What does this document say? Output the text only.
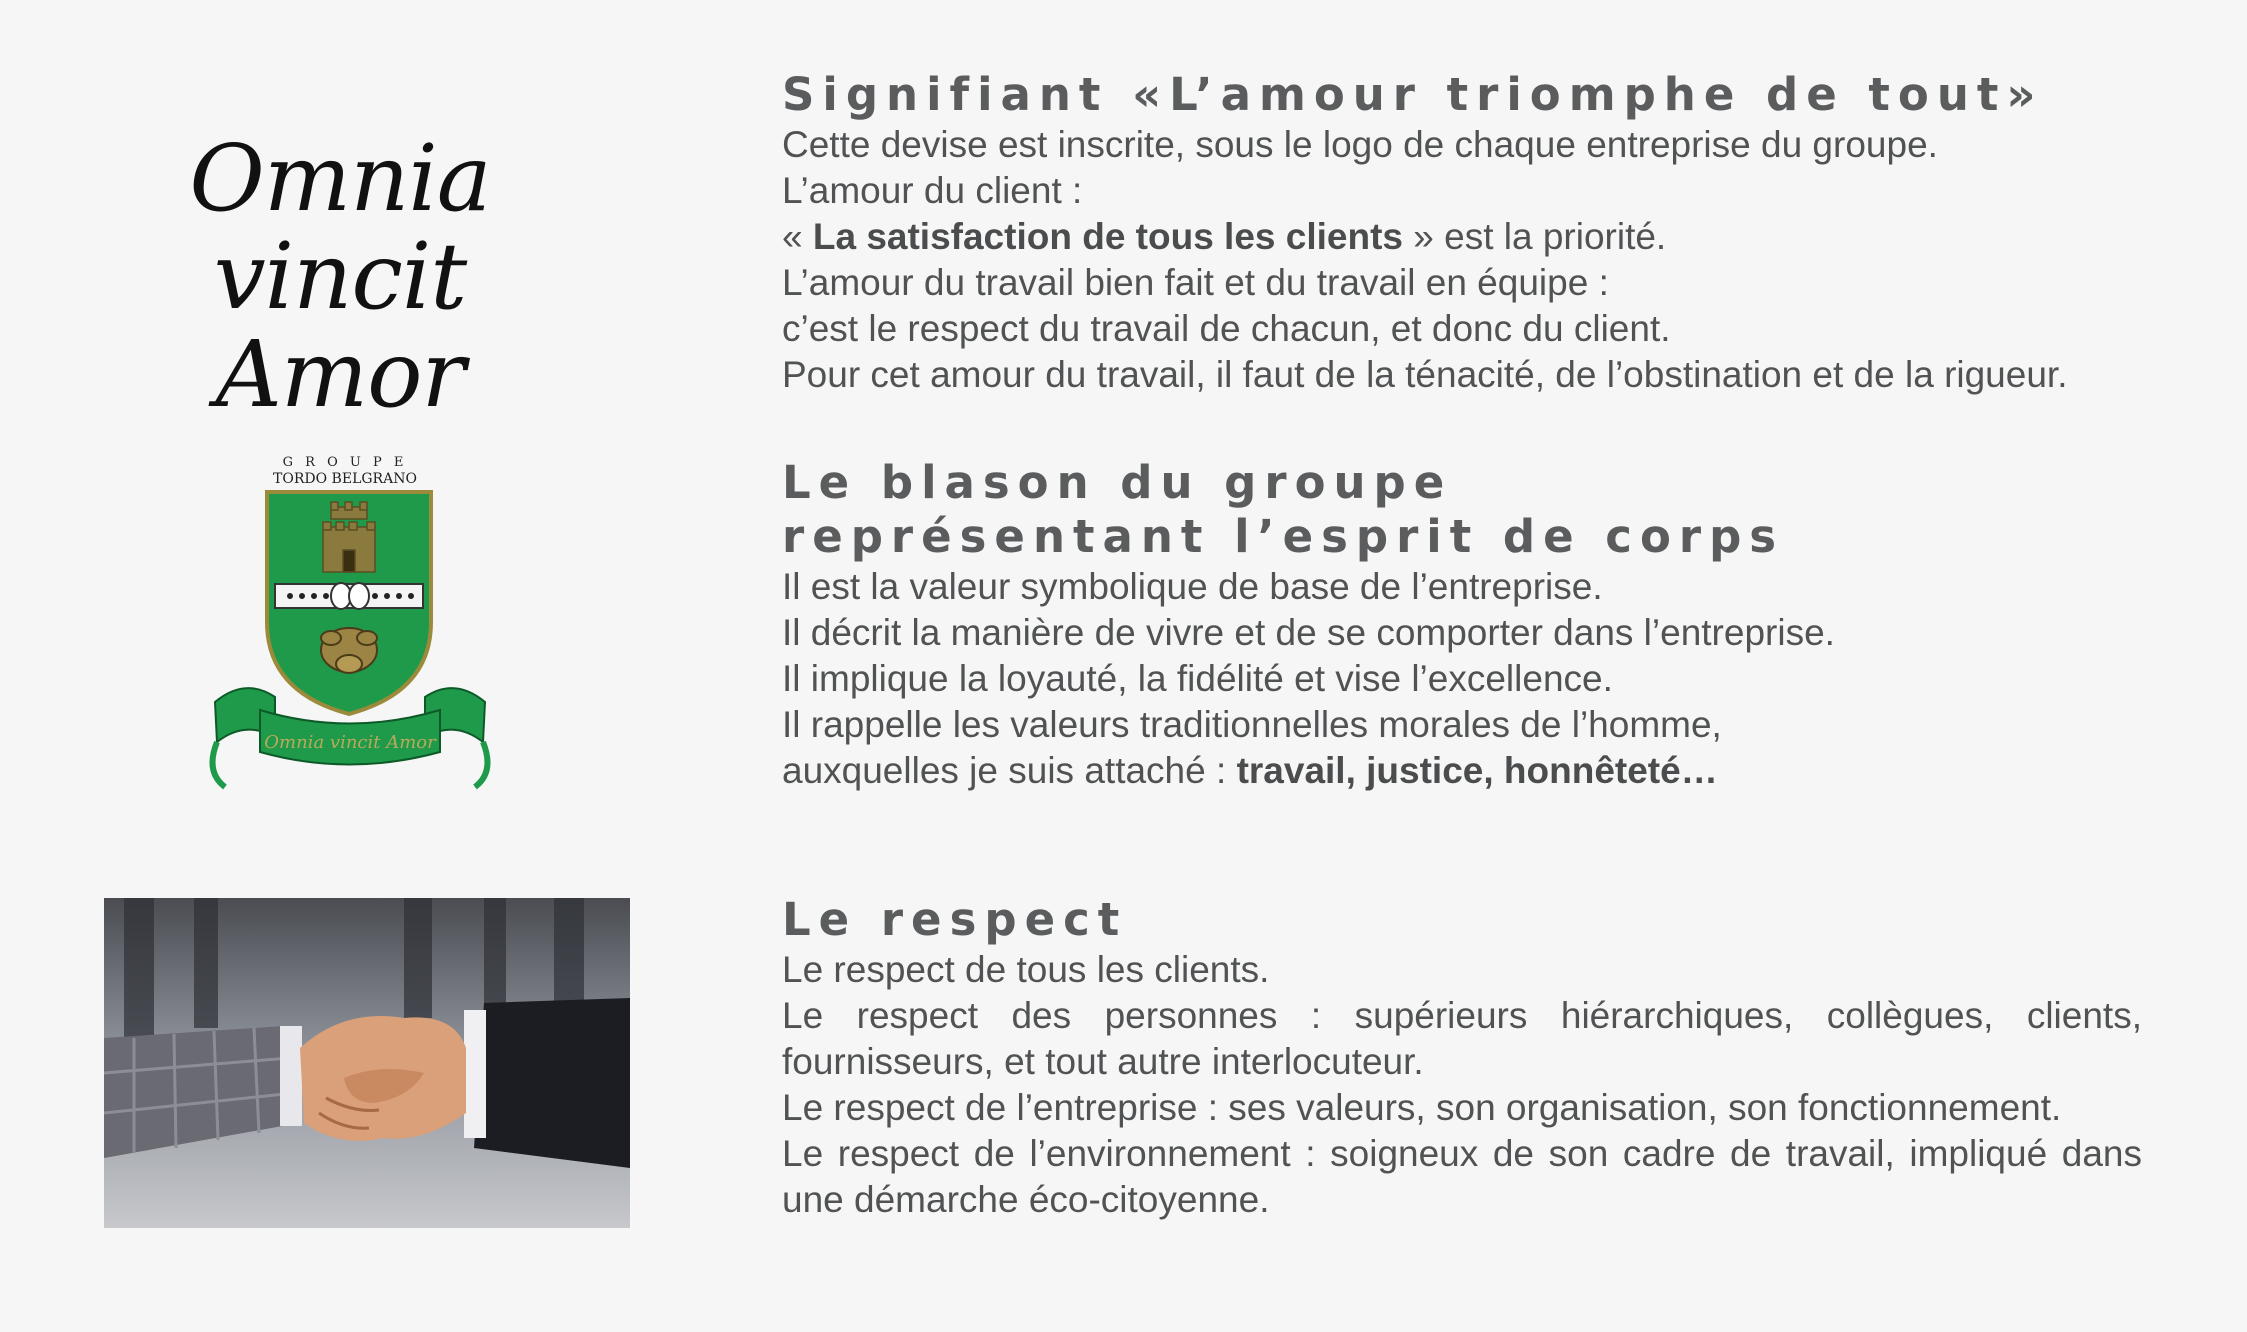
Omnia vincit
Amor
G R O U P E
TORDO BELGRANO
Omnia vincit Amor
Signifiant «L’amour triomphe de tout»

Cette devise est inscrite, sous le logo de chaque entreprise du groupe.

L’amour du client :

« La satisfaction de tous les clients » est la priorité.

L’amour du travail bien fait et du travail en équipe :

c’est le respect du travail de chacun, et donc du client.

Pour cet amour du travail, il faut de la ténacité, de l’obstination et de la rigueur.

Le blason du groupe
représentant l’esprit de corps

Il est la valeur symbolique de base de l’entreprise.

Il décrit la manière de vivre et de se comporter dans l’entreprise.

Il implique la loyauté, la fidélité et vise l’excellence.

Il rappelle les valeurs traditionnelles morales de l’homme,

auxquelles je suis attaché : travail, justice, honnêteté…

Le respect

Le respect de tous les clients.

Le respect des personnes : supérieurs hiérarchiques, collègues, clients, fournisseurs, et tout autre interlocuteur.

Le respect de l’entreprise : ses valeurs, son organisation, son fonctionnement.

Le respect de l’environnement : soigneux de son cadre de travail, impliqué dans une démarche éco-citoyenne.
